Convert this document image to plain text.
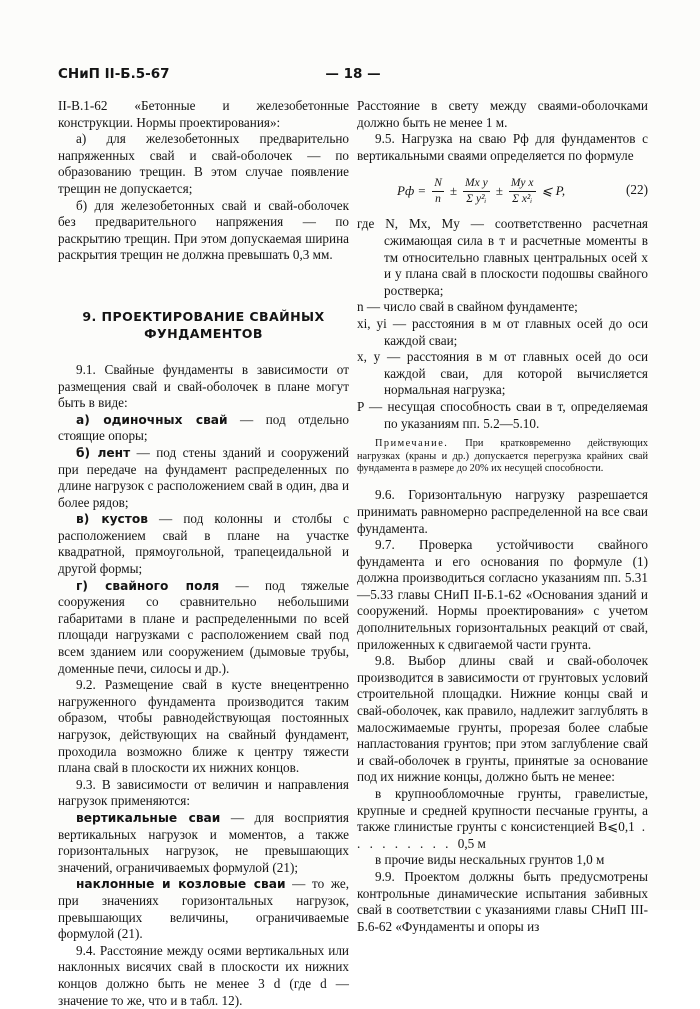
СНиП II-Б.5-67	— 18 —

II-В.1-62 «Бетонные и железобетонные конструкции. Нормы проектирования»:

а) для железобетонных предварительно напряженных свай и свай-оболочек — по образованию трещин. В этом случае появление трещин не допускается;

б) для железобетонных свай и свай-оболочек без предварительного напряжения — по раскрытию трещин. При этом допускаемая ширина раскрытия трещин не должна превышать 0,3 мм.

9. ПРОЕКТИРОВАНИЕ СВАЙНЫХ ФУНДАМЕНТОВ

9.1. Свайные фундаменты в зависимости от размещения свай и свай-оболочек в плане могут быть в виде:

а) одиночных свай — под отдельно стоящие опоры;

б) лент — под стены зданий и сооружений при передаче на фундамент распределенных по длине нагрузок с расположением свай в один, два и более рядов;

в) кустов — под колонны и столбы с расположением свай в плане на участке квадратной, прямоугольной, трапецеидальной и другой формы;

г) свайного поля — под тяжелые сооружения со сравнительно небольшими габаритами в плане и распределенными по всей площади нагрузками с расположением свай под всем зданием или сооружением (дымовые трубы, доменные печи, силосы и др.).

9.2. Размещение свай в кусте внецентренно нагруженного фундамента производится таким образом, чтобы равнодействующая постоянных нагрузок, действующих на свайный фундамент, проходила возможно ближе к центру тяжести плана свай в плоскости их нижних концов.

9.3. В зависимости от величин и направления нагрузок применяются:

вертикальные сваи — для восприятия вертикальных нагрузок и моментов, а также горизонтальных нагрузок, не превышающих значений, ограничиваемых формулой (21);

наклонные и козловые сваи — то же, при значениях горизонтальных нагрузок, превышающих величины, ограничиваемые формулой (21).

9.4. Расстояние между осями вертикальных или наклонных висячих свай в плоскости их нижних концов должно быть не менее 3 d (где d — значение то же, что и в табл. 12).

Расстояние в свету между сваями-оболочками должно быть не менее 1 м.

9.5. Нагрузка на сваю Pф для фундаментов с вертикальными сваями определяется по формуле

Pф = $\frac{N}{n} \pm \frac{\text{Mx y}}{\text{Σ y²ᵢ}} \pm \frac{\text{My x}}{\text{Σ x²ᵢ}}$ ⩽ P,	(22)

где N, Mx, My — соответственно расчетная сжимающая сила в т и расчетные моменты в тм относительно главных центральных осей x и y плана свай в плоскости подошвы свайного ростверка;

n — число свай в свайном фундаменте;

xi, yi — расстояния в м от главных осей до оси каждой сваи;

x, y — расстояния в м от главных осей до оси каждой сваи, для которой вычисляется нормальная нагрузка;

P — несущая способность сваи в т, определяемая по указаниям пп. 5.2—5.10.

Примечание. При кратковременно действующих нагрузках (краны и др.) допускается перегрузка крайних свай фундамента в размере до 20% их несущей способности.

9.6. Горизонтальную нагрузку разрешается принимать равномерно распределенной на все сваи фундамента.

9.7. Проверка устойчивости свайного фундамента и его основания по формуле (1) должна производиться согласно указаниям пп. 5.31—5.33 главы СНиП II-Б.1-62 «Основания зданий и сооружений. Нормы проектирования» с учетом дополнительных горизонтальных реакций от свай, приложенных к сдвигаемой части грунта.

9.8. Выбор длины свай и свай-оболочек производится в зависимости от грунтовых условий строительной площадки. Нижние концы свай и свай-оболочек, как правило, надлежит заглублять в малосжимаемые грунты, прорезая более слабые напластования грунтов; при этом заглубление свай и свай-оболочек в грунты, принятые за основание под их нижние концы, должно быть не менее:

в крупнообломочные грунты, гравелистые, крупные и средней крупности песчаные грунты, а также глинистые грунты с консистенцией B⩽0,1 . . . . . . . . . 0,5 м

в прочие виды нескальных грунтов 1,0 м

9.9. Проектом должны быть предусмотрены контрольные динамические испытания забивных свай в соответствии с указаниями главы СНиП III-Б.6-62 «Фундаменты и опоры из
